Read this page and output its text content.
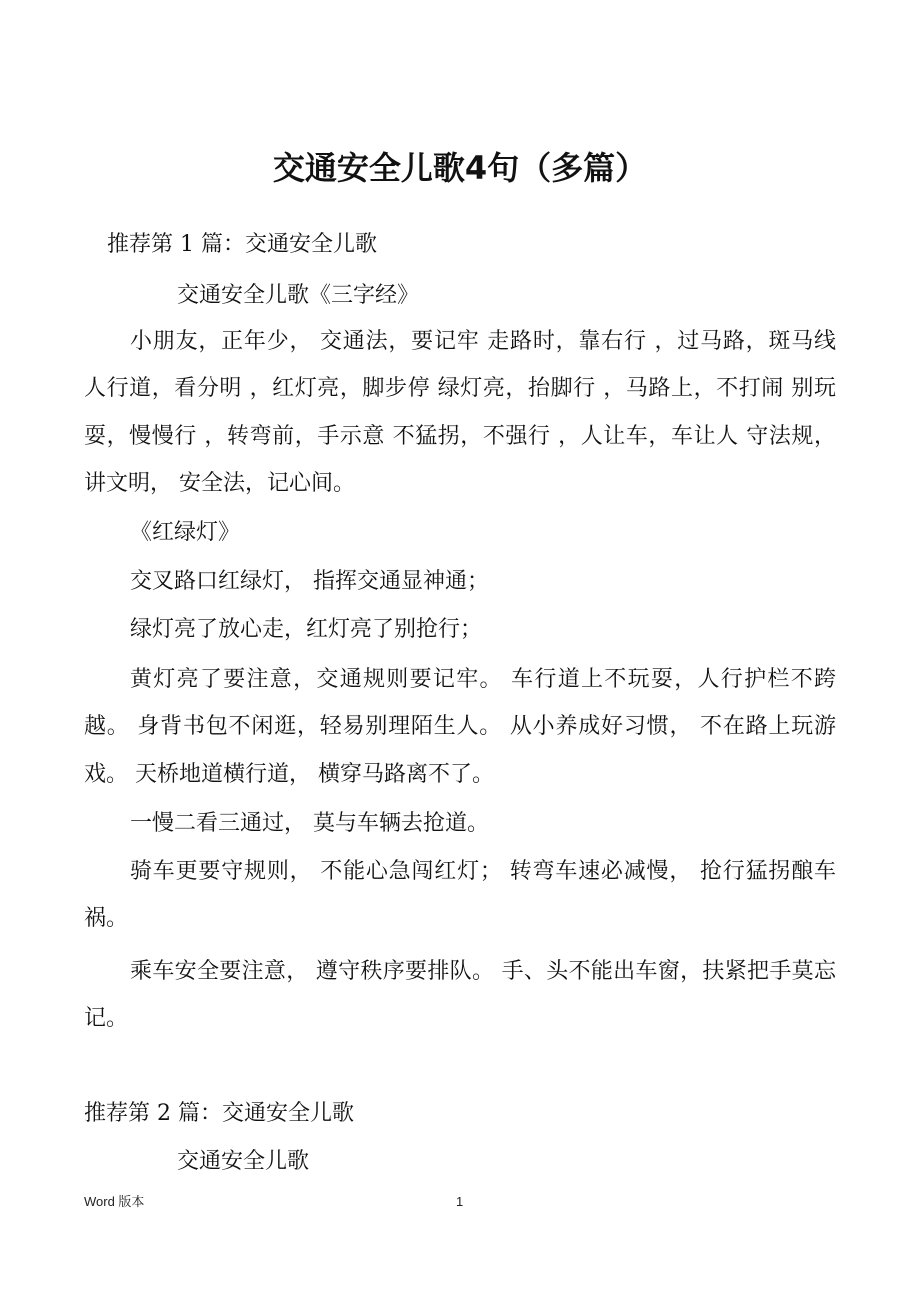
交通安全儿歌4句（多篇）

推荐第 1 篇：交通安全儿歌

交通安全儿歌《三字经》

小朋友，正年少， 交通法，要记牢 走路时，靠右行 ，过马路，斑马线 人行道，看分明 ，红灯亮，脚步停 绿灯亮，抬脚行 ，马路上，不打闹 别玩耍，慢慢行 ，转弯前，手示意 不猛拐，不强行 ，人让车，车让人 守法规，讲文明， 安全法，记心间。

《红绿灯》

交叉路口红绿灯， 指挥交通显神通；

绿灯亮了放心走，红灯亮了别抢行；

黄灯亮了要注意，交通规则要记牢。 车行道上不玩耍，人行护栏不跨越。 身背书包不闲逛，轻易别理陌生人。 从小养成好习惯， 不在路上玩游戏。 天桥地道横行道， 横穿马路离不了。

一慢二看三通过， 莫与车辆去抢道。

骑车更要守规则， 不能心急闯红灯； 转弯车速必减慢， 抢行猛拐酿车祸。

乘车安全要注意， 遵守秩序要排队。 手、头不能出车窗，扶紧把手莫忘记。

推荐第 2 篇：交通安全儿歌

交通安全儿歌

Word 版本	1
